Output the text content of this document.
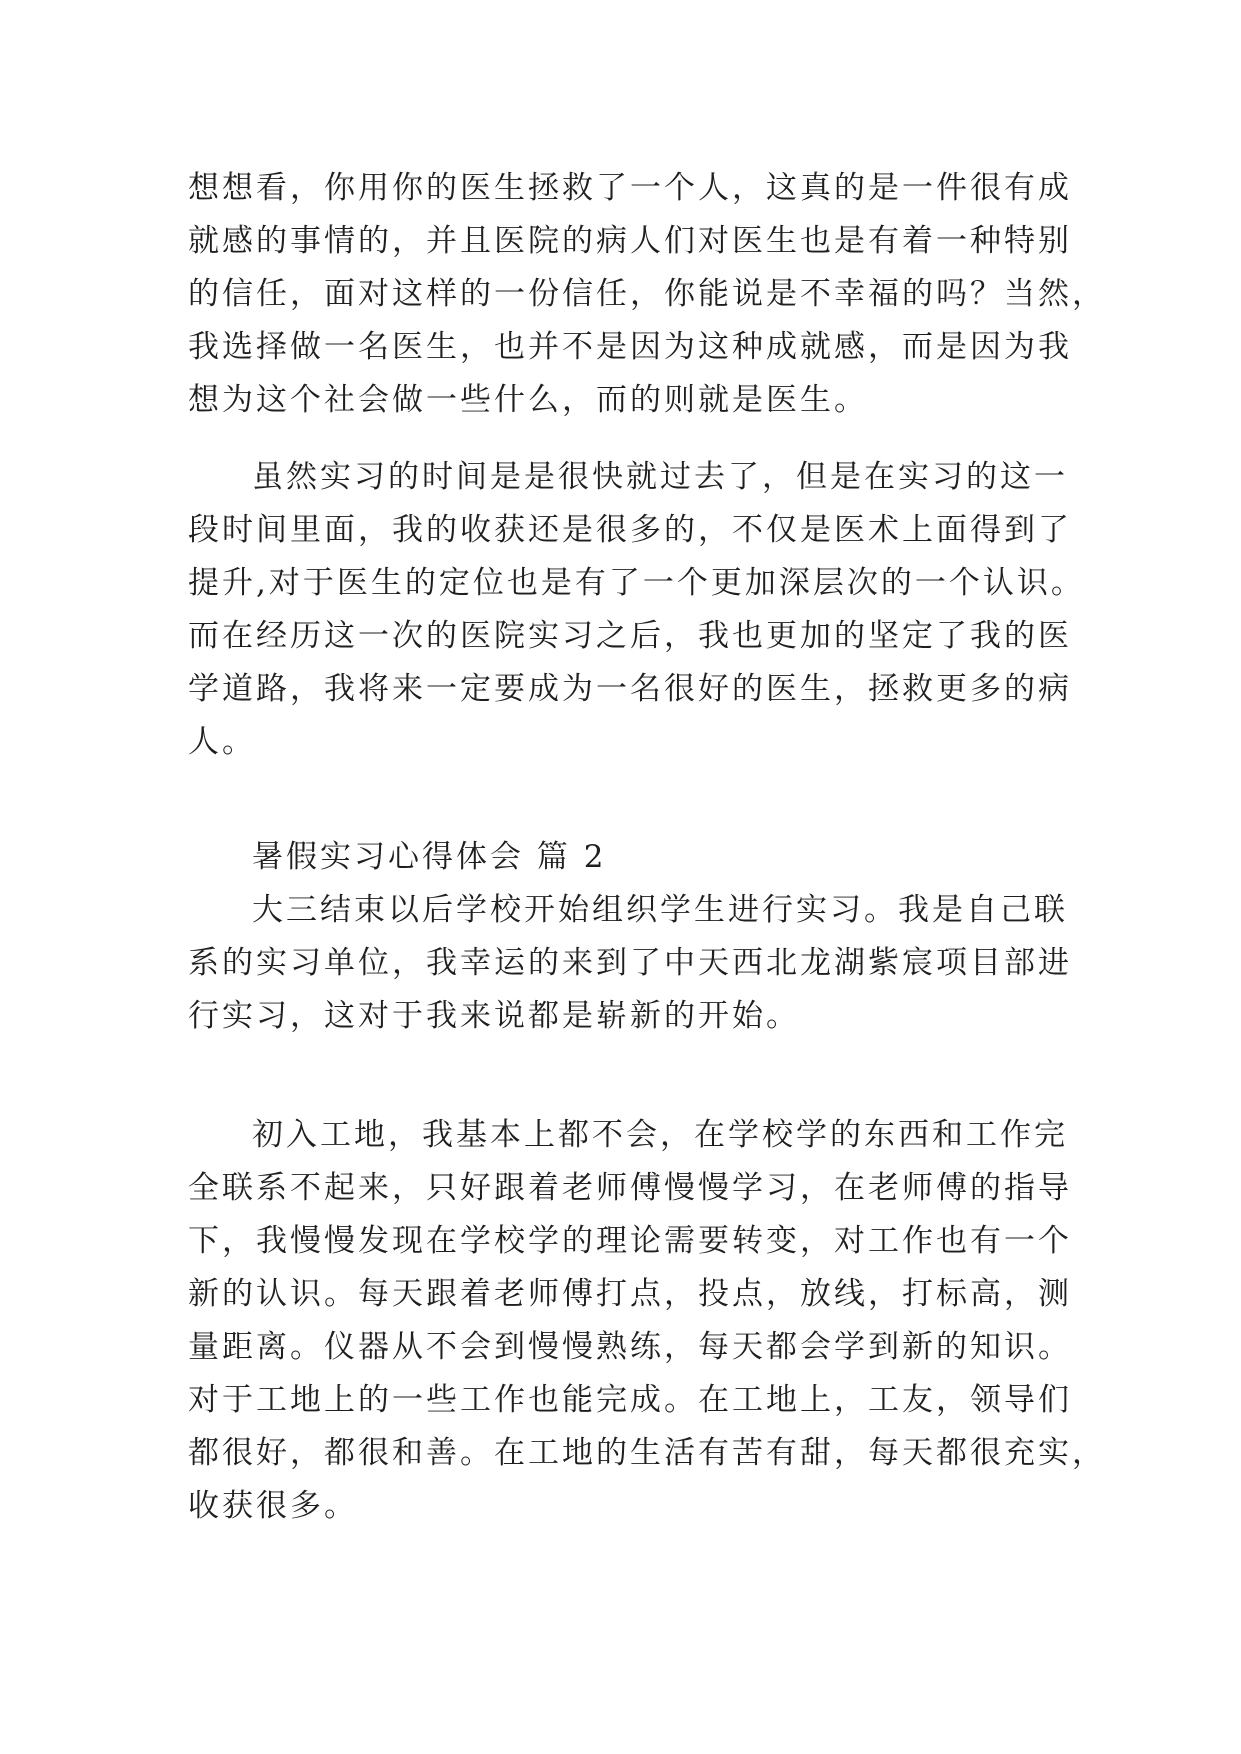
想想看，你用你的医生拯救了一个人，这真的是一件很有成
就感的事情的，并且医院的病人们对医生也是有着一种特别
的信任，面对这样的一份信任，你能说是不幸福的吗？当然，
我选择做一名医生，也并不是因为这种成就感，而是因为我
想为这个社会做一些什么，而的则就是医生。
虽然实习的时间是是很快就过去了，但是在实习的这一
段时间里面，我的收获还是很多的，不仅是医术上面得到了
提升,对于医生的定位也是有了一个更加深层次的一个认识。
而在经历这一次的医院实习之后，我也更加的坚定了我的医
学道路，我将来一定要成为一名很好的医生，拯救更多的病
人。
暑假实习心得体会 篇 2
大三结束以后学校开始组织学生进行实习。我是自己联
系的实习单位，我幸运的来到了中天西北龙湖紫宸项目部进
行实习，这对于我来说都是崭新的开始。
初入工地，我基本上都不会，在学校学的东西和工作完
全联系不起来，只好跟着老师傅慢慢学习，在老师傅的指导
下，我慢慢发现在学校学的理论需要转变，对工作也有一个
新的认识。每天跟着老师傅打点，投点，放线，打标高，测
量距离。仪器从不会到慢慢熟练，每天都会学到新的知识。
对于工地上的一些工作也能完成。在工地上，工友，领导们
都很好，都很和善。在工地的生活有苦有甜，每天都很充实，
收获很多。
